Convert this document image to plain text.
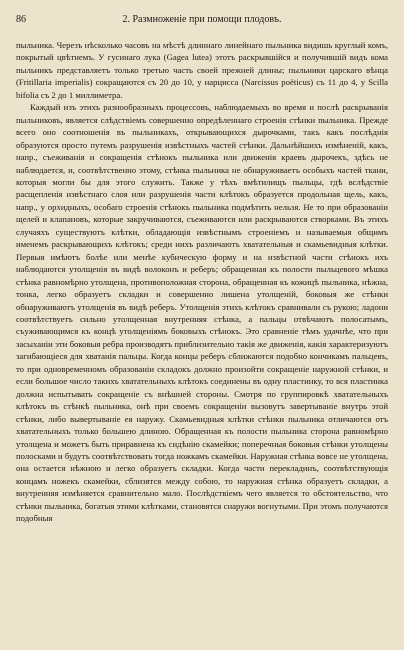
86	2. Размноженіе при помощи плодовъ.

пыльника. Черезъ нѣсколько часовъ на мѣстѣ длиннаго линейнаго пыльника видишь круглый комъ, покрытый цвѣтнемъ. У гусинаго лука (Gagea lutea) этотъ раскрывшійся и получившій видъ кома пыльникъ представляетъ только третью часть своей прежней длины; пыльники царскаго вѣнца (Fritillaria imperialis) сокращаются съ 20 до 10, у нарцисса (Narcissus poëticus) съ 11 до 4, у Scilla bifolia съ 2 до 1 миллиметра.

Каждый изъ этихъ разнообразныхъ процессовъ, наблюдаемыхъ во время и послѣ раскрыванія пыльниковъ, является слѣдствіемъ совершенно опредѣленнаго строенія стѣнки пыльника. Прежде всего оно соотношенія въ пыльникахъ, открывающихся дырочками, такъ какъ послѣднія образуются просто путемъ разрушенія извѣстныхъ частей стѣнки. Дальнѣйшихъ измѣненій, какъ, напр., съеживанія и сокращенія стѣнокъ пыльника или движенія краевъ дырочекъ, здѣсь не наблюдается, и, соотвѣтственно этому, стѣнка пыльника не обнаруживаетъ особыхъ частей ткани, которыя могли бы для этого служить. Также у тѣхъ вмѣтилищъ пыльцы, гдѣ вслѣдствіе расщепленія извѣстнаго слоя или разрушенія части клѣтокъ образуется продольная щель, какъ, напр., у орхидныхъ, особаго строенія стѣнокъ пыльника подмѣтить нельзя. Не то при образованіи щелей и клапановъ, которые закручиваются, съеживаются или раскрываются створками. Въ этихъ случаяхъ существуютъ клѣтки, обладающія извѣстнымъ строеніемъ и называемыя общимъ именемъ раскрывающихъ клѣтокъ; среди нихъ различаютъ хватательныя и скамьевидныя клѣтки. Первыя имѣютъ болѣе или менѣе кубическую форму и на извѣстной части стѣнокъ ихъ наблюдаются утолщенія въ видѣ волоконъ и реберъ; обращенная къ полости пыльцевого мѣшка стѣнка равномѣрно утолщена, противоположная сторона, обращенная къ кожицѣ пыльника, нѣжна, тонка, легко образуетъ складки и совершенно лишена утолщеній, боковыя же стѣнки обнаруживаютъ утолщенія въ видѣ реберъ. Утолщенія этихъ клѣтокъ сравнивали съ рукою; ладони соотвѣтствуетъ сильно утолщенная внутренняя стѣнка, а пальцы отвѣчаютъ полосатымъ, съуживающимся къ концѣ утолщеніямъ боковыхъ стѣнокъ. Это сравненіе тѣмъ удачнѣе, что при засыханіи эти боковыя ребра производятъ приблизительно такія же движенія, какія характеризуютъ загибающіеся для хватанія пальцы. Когда концы реберъ сближаются подобно кончикамъ пальцевъ, то при одновременномъ образованіи складокъ должно произойти сокращеніе наружной стѣнки, и если большое число такихъ хватательныхъ клѣтокъ соединены въ одну пластинку, то вся пластинка должна испытывать сокращеніе съ внѣшней стороны. Смотря по группировкѣ хватательныхъ клѣтокъ въ стѣнкѣ пыльника, онѣ при своемъ сокращеніи вызовутъ завертываніе внутрь этой стѣнки, либо вывертываніе ея наружу. Скамьевидныя клѣтки стѣнки пыльника отличаются отъ хватательныхъ только большею длиною. Обращенная къ полости пыльника сторона равномѣрно утолщена и можетъ быть приравнена къ сидѣнію скамейки; поперечныя боковыя стѣнки утолщены полосками и будутъ соотвѣтствовать тогда ножкамъ скамейки. Наружная стѣнка вовсе не утолщена, она остается нѣжною и легко образуетъ складки. Когда части перекладинъ, соотвѣтствующія концамъ ножекъ скамейки, сблизятся между собою, то наружная стѣнка образуетъ складки, а внутренняя измѣняется сравнительно мало. Послѣдствіемъ чего является то обстоятельство, что стѣнки пыльника, богатыя этими клѣтками, становятся снаружи вогнутыми. При этомъ получаются подобныя
